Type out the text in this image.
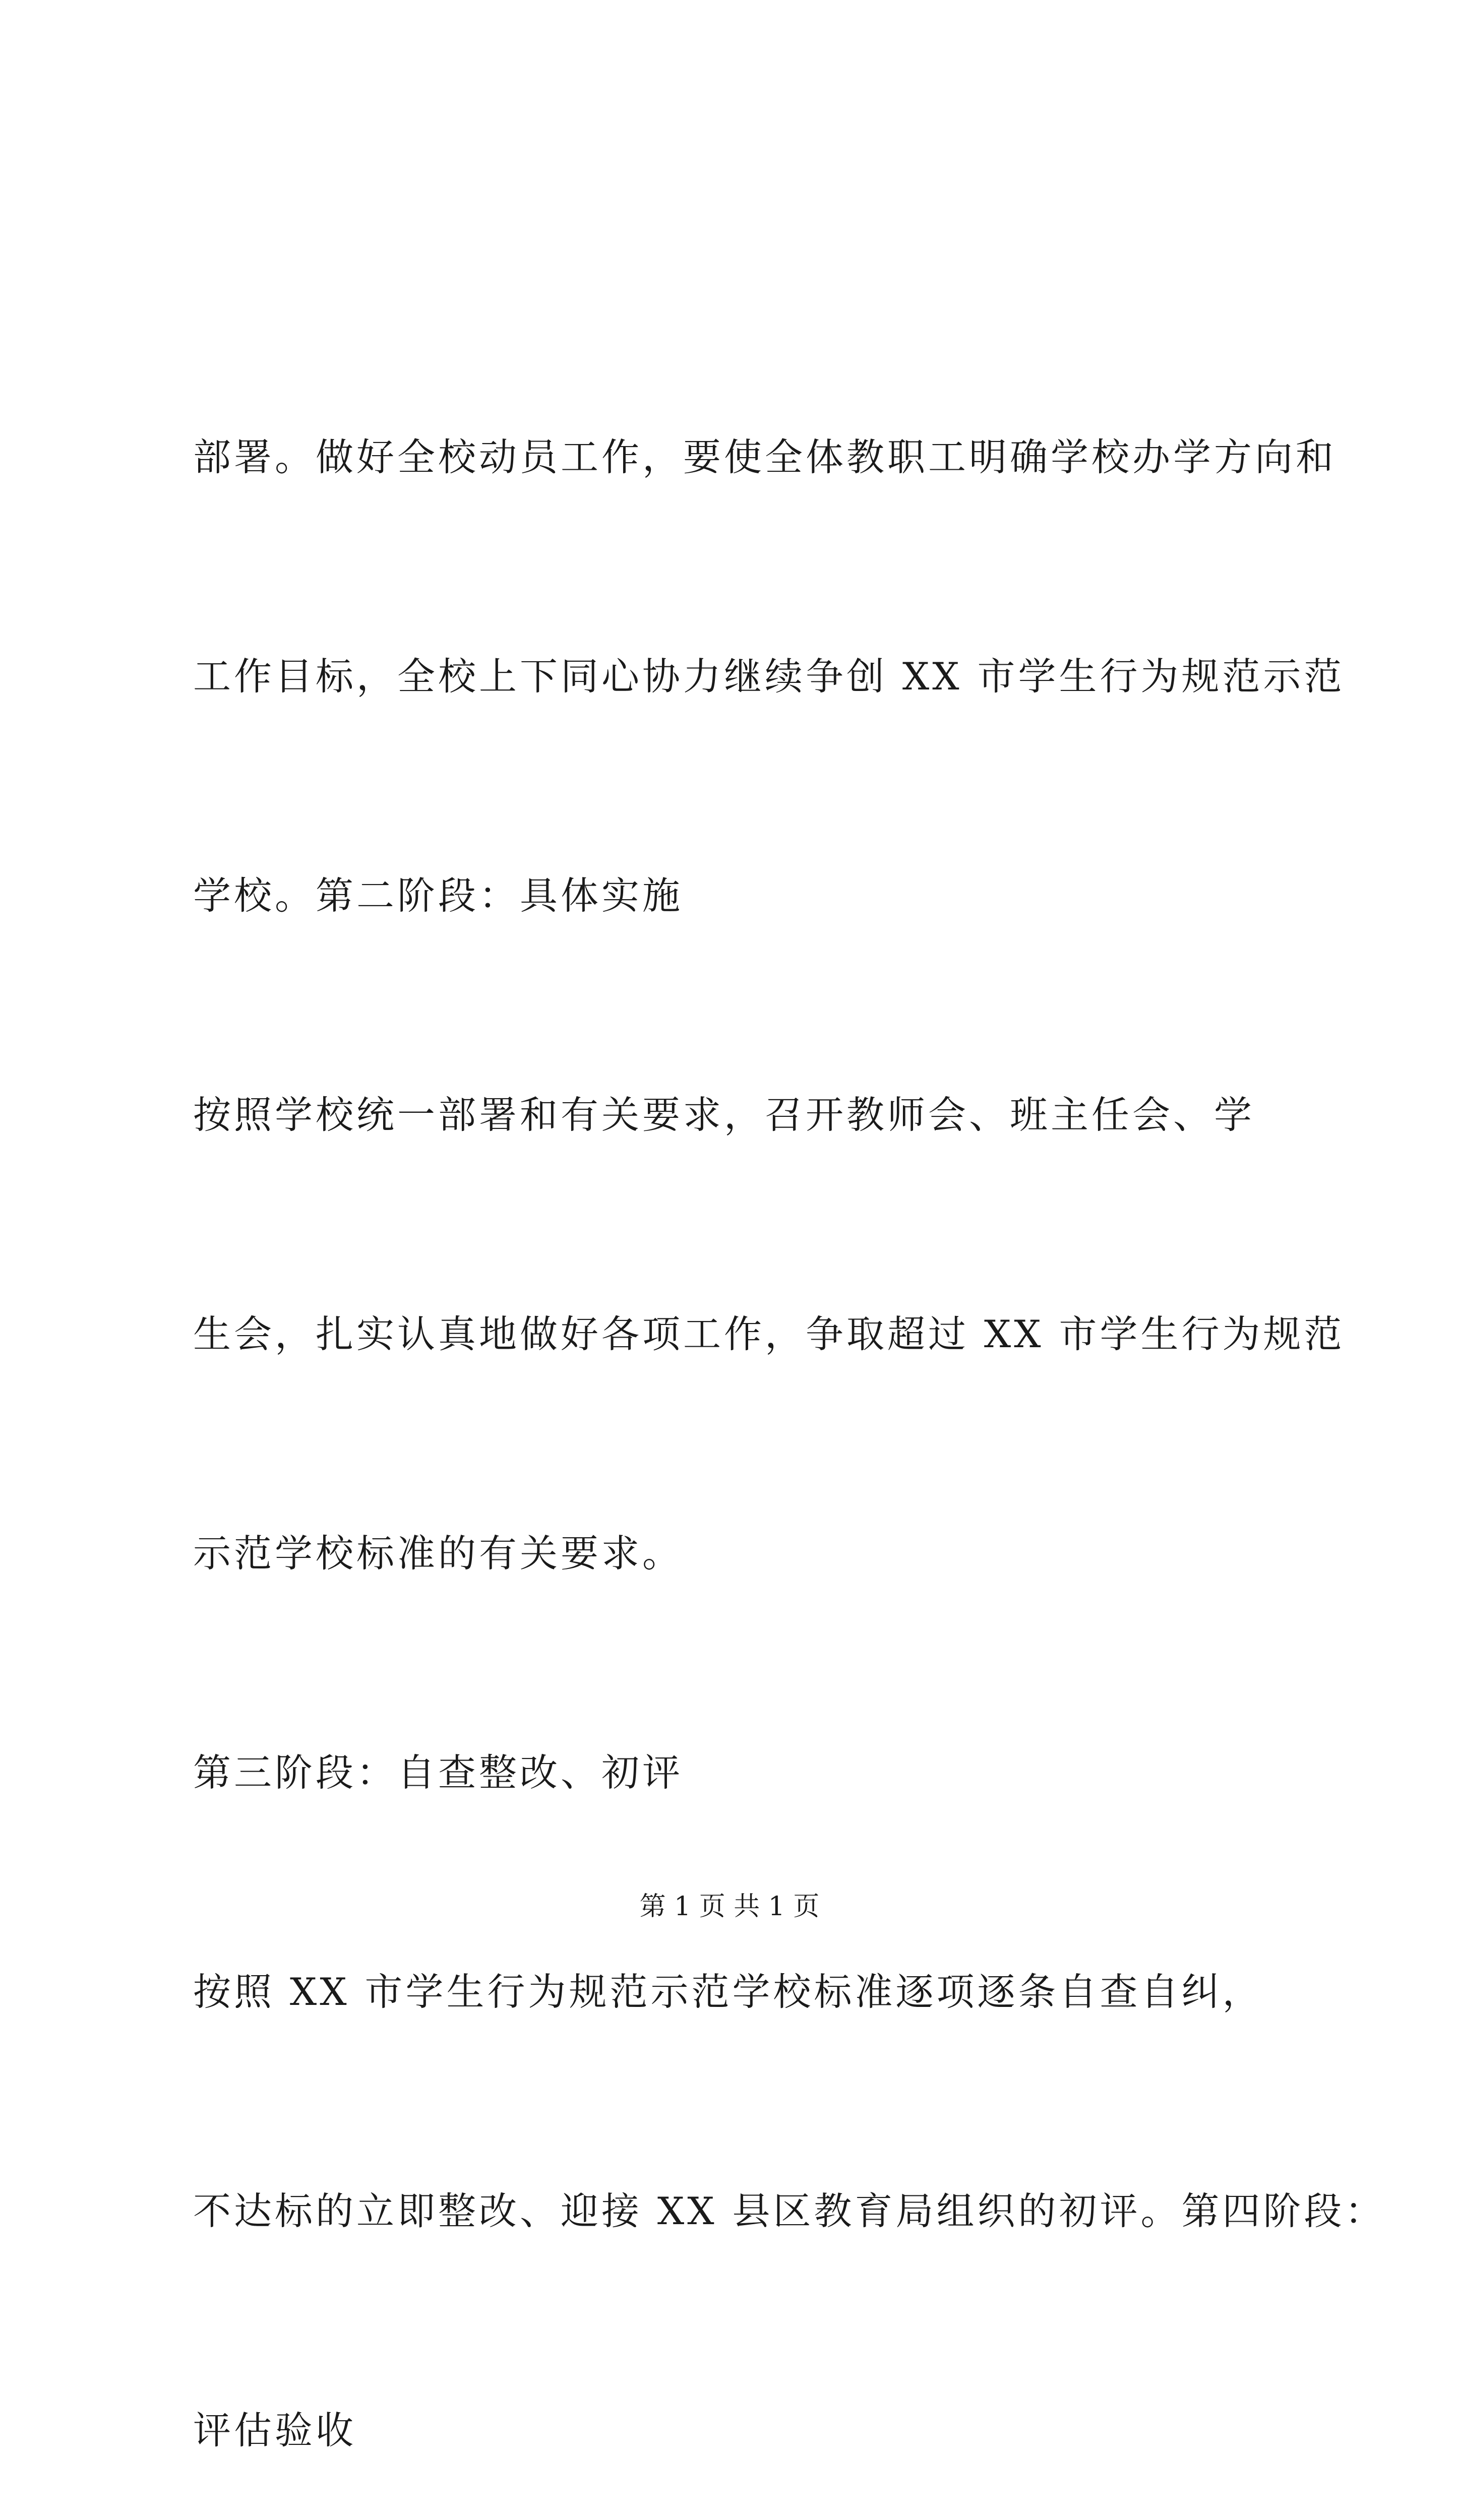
部署。做好全校动员工作，要使全体教职工明确学校办学方向和

工作目标，全校上下同心协力继续争创 XX 市学生行为规范示范

学校。第二阶段：具体实施

按照学校统一部署和有关要求，召开教师会、班主任会、学

生会，扎实认真地做好各项工作，争取超过 XX 市学生行为规范

示范学校标准的有关要求。

第三阶段：自查整改、初评

按照 XX 市学生行为规范示范学校标准逐项逐条自查自纠，

不达标的立即整改、迎接 XX 县区教育局组织的初评。第四阶段：

评估验收

第 1 页 共 1 页
